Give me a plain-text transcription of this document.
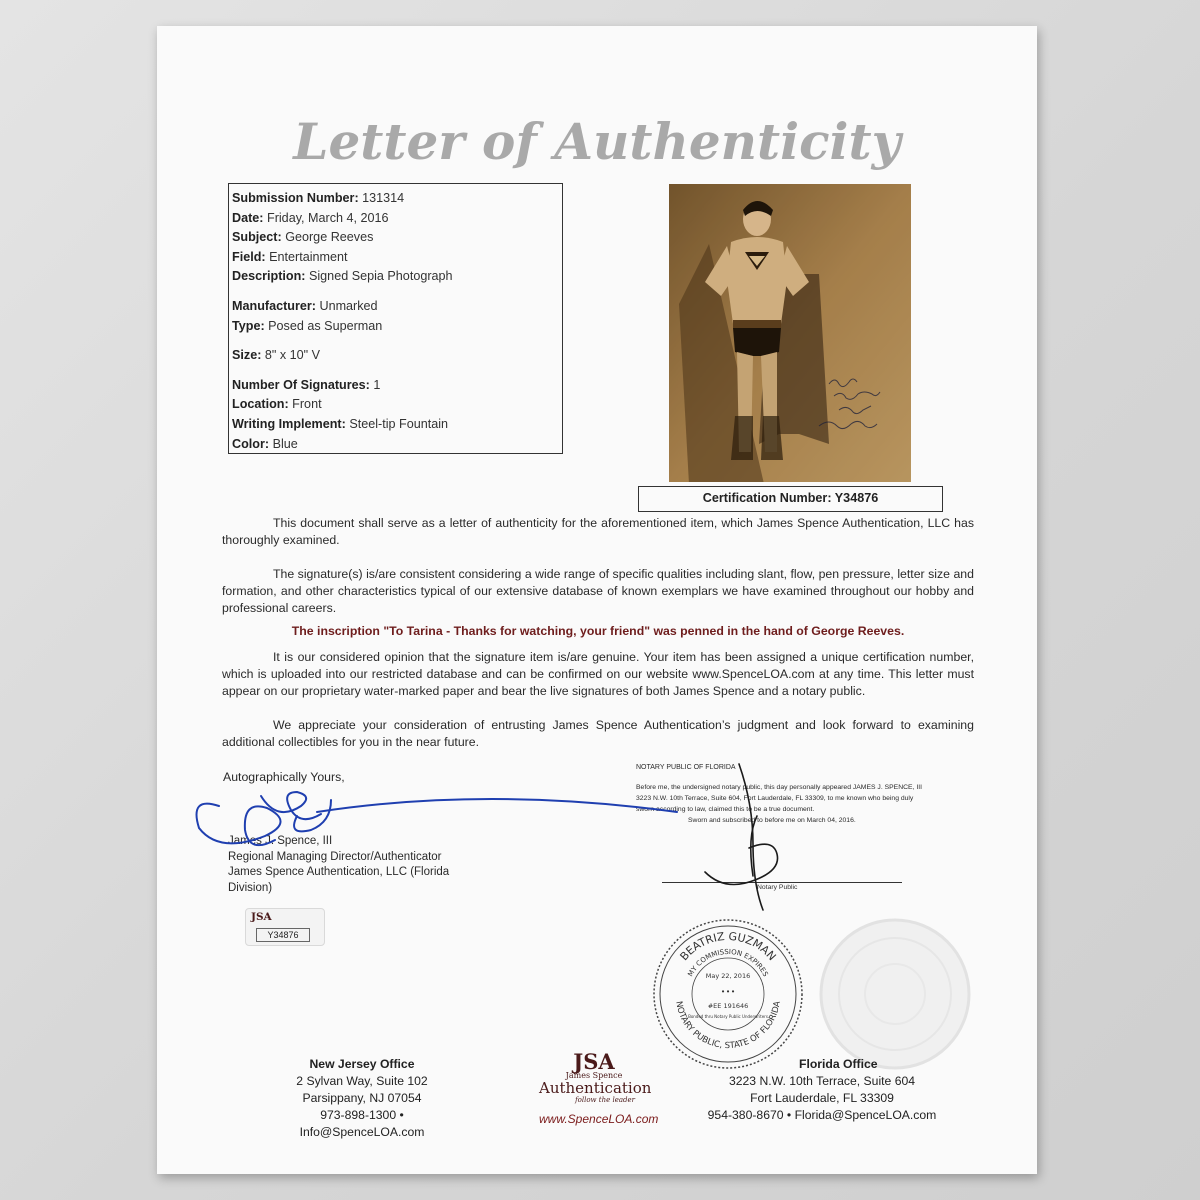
Letter of Authenticity
Submission Number: 131314
Date: Friday, March 4, 2016
Subject: George Reeves
Field: Entertainment
Description: Signed Sepia Photograph
Manufacturer: Unmarked
Type: Posed as Superman
Size: 8" x 10" V
Number Of Signatures: 1
Location: Front
Writing Implement: Steel-tip Fountain
Color: Blue
Certification Number: Y34876
This document shall serve as a letter of authenticity for the aforementioned item, which James Spence Authentication, LLC has thoroughly examined.
The signature(s) is/are consistent considering a wide range of specific qualities including slant, flow, pen pressure, letter size and formation, and other characteristics typical of our extensive database of known exemplars we have examined throughout our hobby and professional careers.
The inscription "To Tarina - Thanks for watching, your friend" was penned in the hand of George Reeves.
It is our considered opinion that the signature item is/are genuine. Your item has been assigned a unique certification number, which is uploaded into our restricted database and can be confirmed on our website www.SpenceLOA.com at any time. This letter must appear on our proprietary water-marked paper and bear the live signatures of both James Spence and a notary public.
We appreciate your consideration of entrusting James Spence Authentication’s judgment and look forward to examining additional collectibles for you in the near future.
Autographically Yours,
James J. Spence, III
Regional Managing Director/Authenticator
James Spence Authentication, LLC (Florida Division)
NOTARY PUBLIC OF FLORIDA
Before me, the undersigned notary public, this day personally appeared JAMES J. SPENCE, III 3223 N.W. 10th Terrace, Suite 604, Fort Lauderdale, FL 33309, to me known who being duly sworn according to law, claimed this to be a true document.
Sworn and subscribed to before me on March 04, 2016.
Notary Public
JSA
Y34876
BEATRIZ GUZMAN
MY COMMISSION EXPIRES
NOTARY PUBLIC, STATE OF FLORIDA
May 22, 2016
• • •
#EE 191646
Bonded thru Notary Public Underwriters
New Jersey Office
2 Sylvan Way, Suite 102
Parsippany, NJ 07054
973-898-1300 • Info@SpenceLOA.com
JSA
James Spence
Authentication
follow the leader
www.SpenceLOA.com
Florida Office
3223 N.W. 10th Terrace, Suite 604
Fort Lauderdale, FL 33309
954-380-8670 • Florida@SpenceLOA.com
